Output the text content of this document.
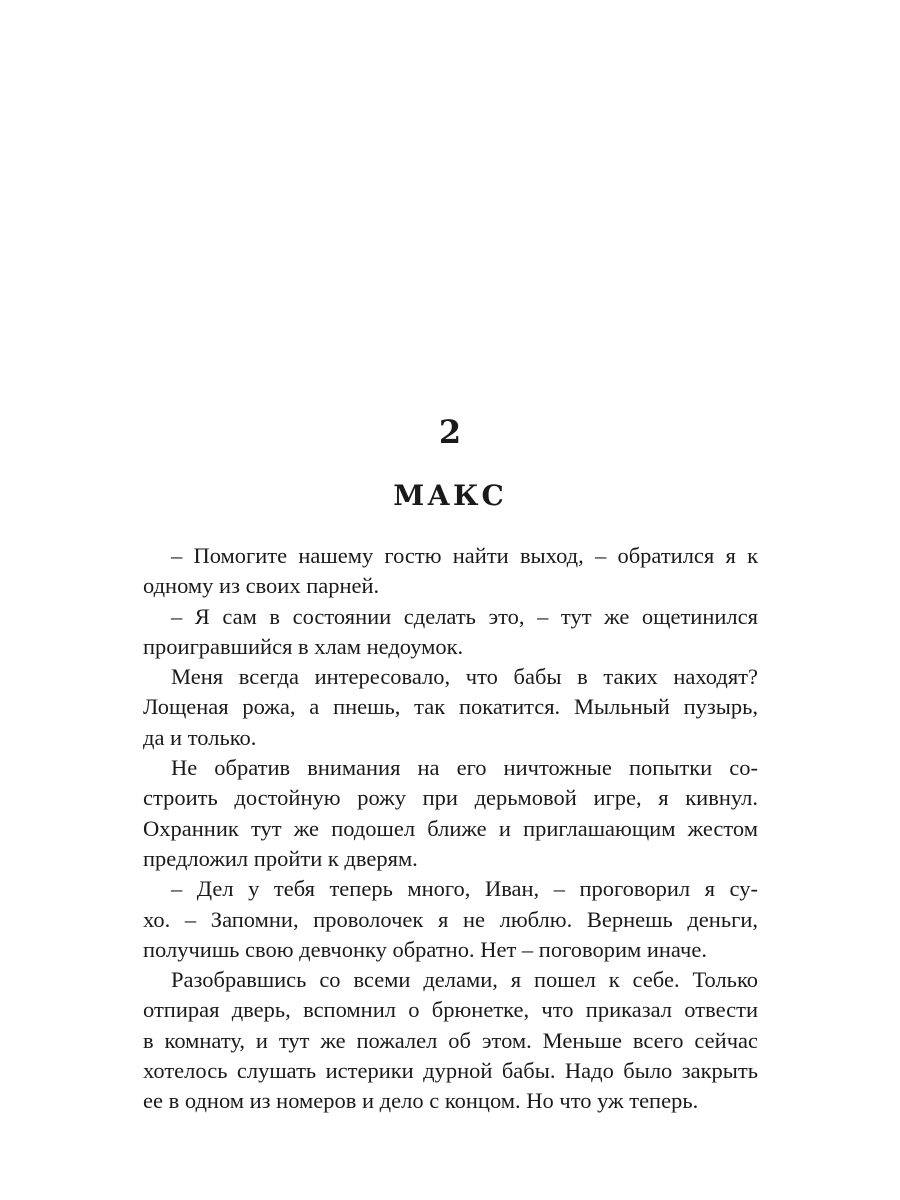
2
МАКС
– Помогите нашему гостю найти выход, – обратился я к
одному из своих парней.
– Я сам в состоянии сделать это, – тут же ощетинился
проигравшийся в хлам недоумок.
Меня всегда интересовало, что бабы в таких находят?
Лощеная рожа, а пнешь, так покатится. Мыльный пузырь,
да и только.
Не обратив внимания на его ничтожные попытки со-
строить достойную рожу при дерьмовой игре, я кивнул.
Охранник тут же подошел ближе и приглашающим жестом
предложил пройти к дверям.
– Дел у тебя теперь много, Иван, – проговорил я су-
хо. – Запомни, проволочек я не люблю. Вернешь деньги,
получишь свою девчонку обратно. Нет – поговорим иначе.
Разобравшись со всеми делами, я пошел к себе. Только
отпирая дверь, вспомнил о брюнетке, что приказал отвести
в комнату, и тут же пожалел об этом. Меньше всего сейчас
хотелось слушать истерики дурной бабы. Надо было закрыть
ее в одном из номеров и дело с концом. Но что уж теперь.
